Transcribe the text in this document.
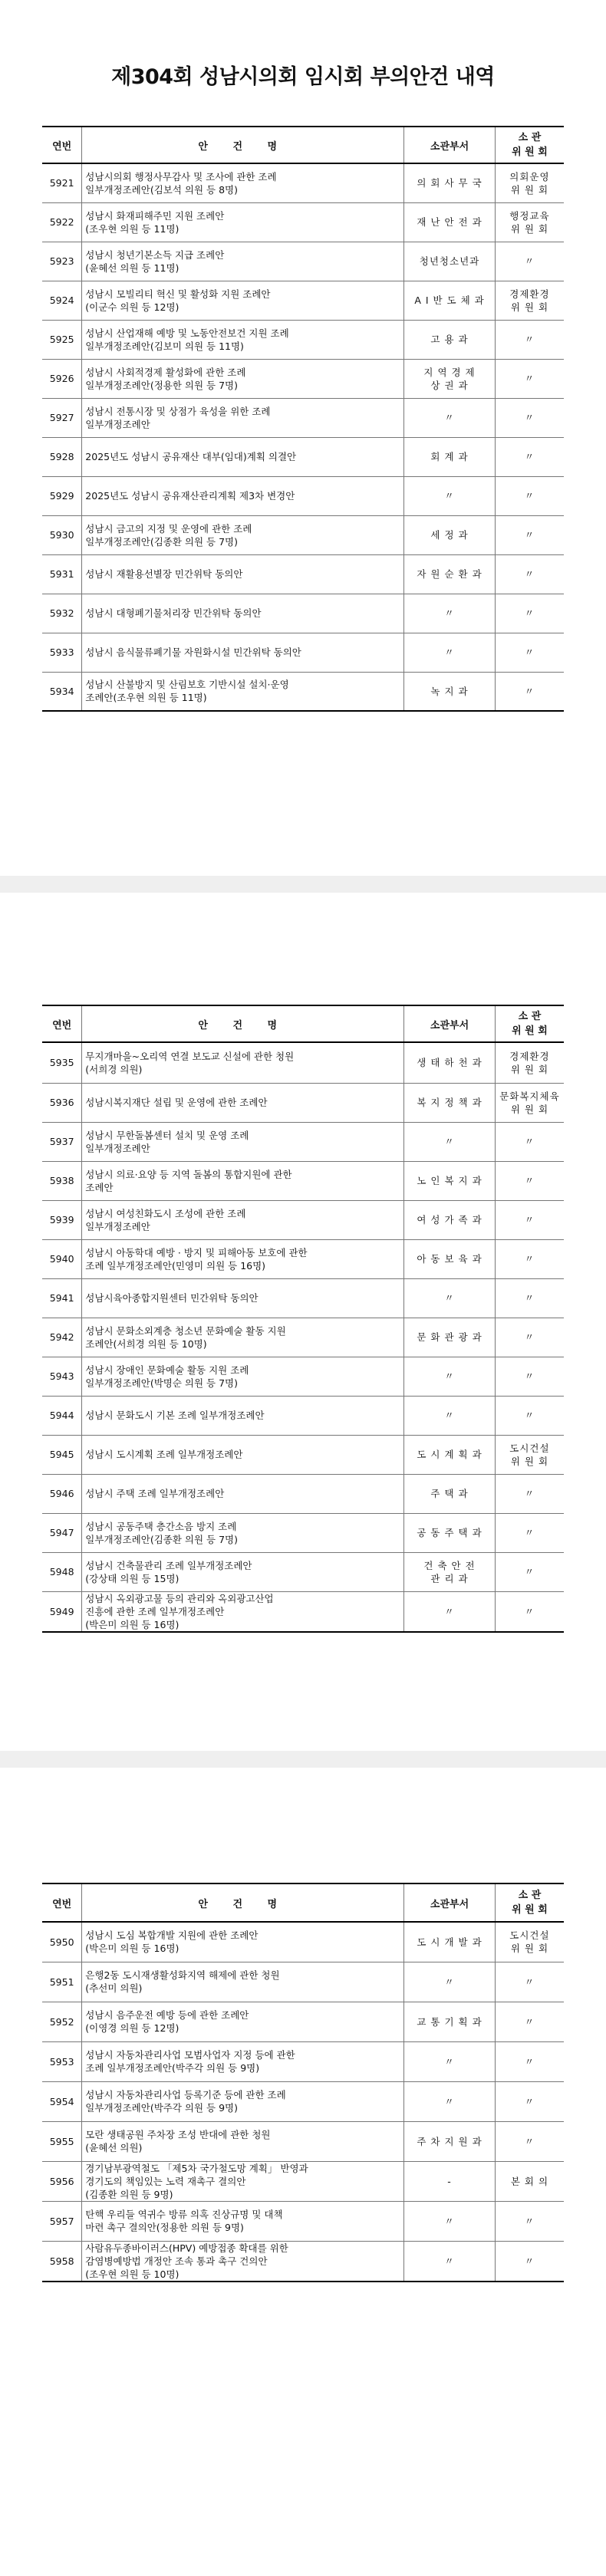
제304회 성남시의회 임시회 부의안건 내역
연번	안 건 명	소관부서	소 관
위 원 회

5921	성남시의회 행정사무감사 및 조사에 관한 조례
일부개정조례안(김보석 의원 등 8명)	의 회 사 무 국	의회운영
위 원 회

5922	성남시 화재피해주민 지원 조례안
(조우현 의원 등 11명)	재 난 안 전 과	행정교육
위 원 회

5923	성남시 청년기본소득 지급 조례안
(윤혜선 의원 등 11명)	청년청소년과	〃

5924	성남시 모빌리티 혁신 및 활성화 지원 조례안
(이군수 의원 등 12명)	A I 반 도 체 과	경제환경
위 원 회

5925	성남시 산업재해 예방 및 노동안전보건 지원 조례
일부개정조례안(김보미 의원 등 11명)	고 용 과	〃

5926	성남시 사회적경제 활성화에 관한 조례
일부개정조례안(정용한 의원 등 7명)	지 역 경 제
상 권 과	〃

5927	성남시 전통시장 및 상점가 육성을 위한 조례
일부개정조례안	〃	〃

5928	2025년도 성남시 공유재산 대부(임대)계획 의결안	회 계 과	〃

5929	2025년도 성남시 공유재산관리계획 제3차 변경안	〃	〃

5930	성남시 금고의 지정 및 운영에 관한 조례
일부개정조례안(김종환 의원 등 7명)	세 정 과	〃

5931	성남시 재활용선별장 민간위탁 동의안	자 원 순 환 과	〃

5932	성남시 대형폐기물처리장 민간위탁 동의안	〃	〃

5933	성남시 음식물류폐기물 자원화시설 민간위탁 동의안	〃	〃

5934	성남시 산불방지 및 산림보호 기반시설 설치·운영
조례안(조우현 의원 등 11명)	녹 지 과	〃
연번	안 건 명	소관부서	소 관
위 원 회

5935	무지개마을~오리역 연결 보도교 신설에 관한 청원
(서희경 의원)	생 태 하 천 과	경제환경
위 원 회

5936	성남시복지재단 설립 및 운영에 관한 조례안	복 지 정 책 과	문화복지체육
위 원 회

5937	성남시 무한돌봄센터 설치 및 운영 조례
일부개정조례안	〃	〃

5938	성남시 의료·요양 등 지역 돌봄의 통합지원에 관한
조례안	노 인 복 지 과	〃

5939	성남시 여성친화도시 조성에 관한 조례
일부개정조례안	여 성 가 족 과	〃

5940	성남시 아동학대 예방 · 방지 및 피해아동 보호에 관한
조례 일부개정조례안(민영미 의원 등 16명)	아 동 보 육 과	〃

5941	성남시육아종합지원센터 민간위탁 동의안	〃	〃

5942	성남시 문화소외계층 청소년 문화예술 활동 지원
조례안(서희경 의원 등 10명)	문 화 관 광 과	〃

5943	성남시 장애인 문화예술 활동 지원 조례
일부개정조례안(박명순 의원 등 7명)	〃	〃

5944	성남시 문화도시 기본 조례 일부개정조례안	〃	〃

5945	성남시 도시계획 조례 일부개정조례안	도 시 계 획 과	도시건설
위 원 회

5946	성남시 주택 조례 일부개정조례안	주 택 과	〃

5947	성남시 공동주택 층간소음 방지 조례
일부개정조례안(김종환 의원 등 7명)	공 동 주 택 과	〃

5948	성남시 건축물관리 조례 일부개정조례안
(강상태 의원 등 15명)	건 축 안 전
관 리 과	〃

5949	성남시 옥외광고물 등의 관리와 옥외광고산업
진흥에 관한 조례 일부개정조례안
(박은미 의원 등 16명)	〃	〃
연번	안 건 명	소관부서	소 관
위 원 회

5950	성남시 도심 복합개발 지원에 관한 조례안
(박은미 의원 등 16명)	도 시 개 발 과	도시건설
위 원 회

5951	은행2동 도시재생활성화지역 해제에 관한 청원
(추선미 의원)	〃	〃

5952	성남시 음주운전 예방 등에 관한 조례안
(이영경 의원 등 12명)	교 통 기 획 과	〃

5953	성남시 자동차관리사업 모범사업자 지정 등에 관한
조례 일부개정조례안(박주각 의원 등 9명)	〃	〃

5954	성남시 자동차관리사업 등록기준 등에 관한 조례
일부개정조례안(박주각 의원 등 9명)	〃	〃

5955	모란 생태공원 주차장 조성 반대에 관한 청원
(윤혜선 의원)	주 차 지 원 과	〃

5956	경기남부광역철도 「제5차 국가철도망 계획」 반영과
경기도의 책임있는 노력 재촉구 결의안
(김종환 의원 등 9명)	-	본 회 의

5957	탄핵 우리들 역귀수 방류 의혹 진상규명 및 대책
마련 촉구 결의안(정용한 의원 등 9명)	〃	〃

5958	사람유두종바이러스(HPV) 예방접종 확대를 위한
감염병예방법 개정안 조속 통과 촉구 건의안
(조우현 의원 등 10명)	〃	〃
